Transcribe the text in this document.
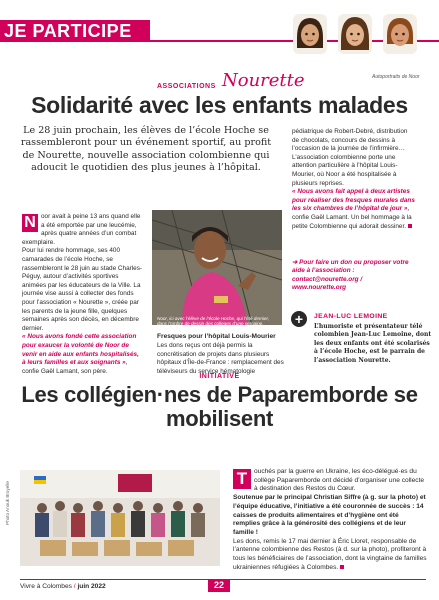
JE PARTICIPE
Autoportraits de Noor
ASSOCIATIONS Nourette
Solidarité avec les enfants malades
Le 28 juin prochain, les élèves de l’école Hoche se rassembleront pour un événement sportif, au profit de Nourette, nouvelle association colombienne qui adoucit le quotidien des plus jeunes à l’hôpital.
N oor avait à peine 13 ans quand elle a été emportée par une leucémie, après quatre années d’un combat exemplaire.
Pour lui rendre hommage, ses 400 camarades de l’école Hoche, se rassembleront le 28 juin au stade Charles-Péguy, autour d’activités sportives animées par les éducateurs de la Ville. La journée vise aussi à collecter des fonds pour l’association « Nourette », créée par les parents de la jeune fille, quelques semaines après son décès, en décembre dernier.
« Nous avons fondé cette association pour exaucer la volonté de Noor de venir en aide aux enfants hospitalisés, à leurs familles et aux soignants », confie Gaël Lamant, son père.
Noor, ici avec l’élève de l’école Hoche, qui l’été dernier, dans l’ombre de dessin des colleges d’une semaine.
Fresques pour l’hôpital Louis-Mourier
Les dons reçus ont déjà permis la concrétisation de projets dans plusieurs hôpitaux d’Île-de-France : remplacement des téléviseurs du service hématologie
pédiatrique de Robert-Debré, distribution de chocolats, concours de dessins à l’occasion de la journée de l’infirmière…
L’association colombienne porte une attention particulière à l’hôpital Louis-Mourier, où Noor a été hospitalisée à plusieurs reprises.
« Nous avons fait appel à deux artistes pour réaliser des fresques murales dans les six chambres de l’hôpital de jour », confie Gaël Lamant. Un bel hommage à la petite Colombienne qui adorait dessiner.
➔ Pour faire un don ou proposer votre aide à l’association :
contact@nourette.org / www.nourette.org
+	JEAN-LUC LEMOINE
L’humoriste et présentateur télé colombien Jean-Luc Lemoine, dont les deux enfants ont été scolarisés à l’école Hoche, est le parrain de l’association Nourette.
INITIATIVE
Les collégien·nes de Paparemborde se mobilisent
Photo Anouk Broyelle
T	ouchés par la guerre en Ukraine, les éco-délégué·es du collège Paparemborde ont décidé d’organiser une collecte à destination des Restos du Cœur.
Soutenue par le principal Christian Siffre (à g. sur la photo) et l’équipe éducative, l’initiative a été couronnée de succès : 14 caisses de produits alimentaires et d’hygiène ont été remplies grâce à la générosité des collégiens et de leur famille !
Les dons, remis le 17 mai dernier à Éric Lloret, responsable de l’antenne colombienne des Restos (à d. sur la photo), profiteront à tous les bénéficiaires de l’association, dont la vingtaine de familles ukrainiennes réfugiées à Colombes.
Vivre à Colombes / juin 2022	22
